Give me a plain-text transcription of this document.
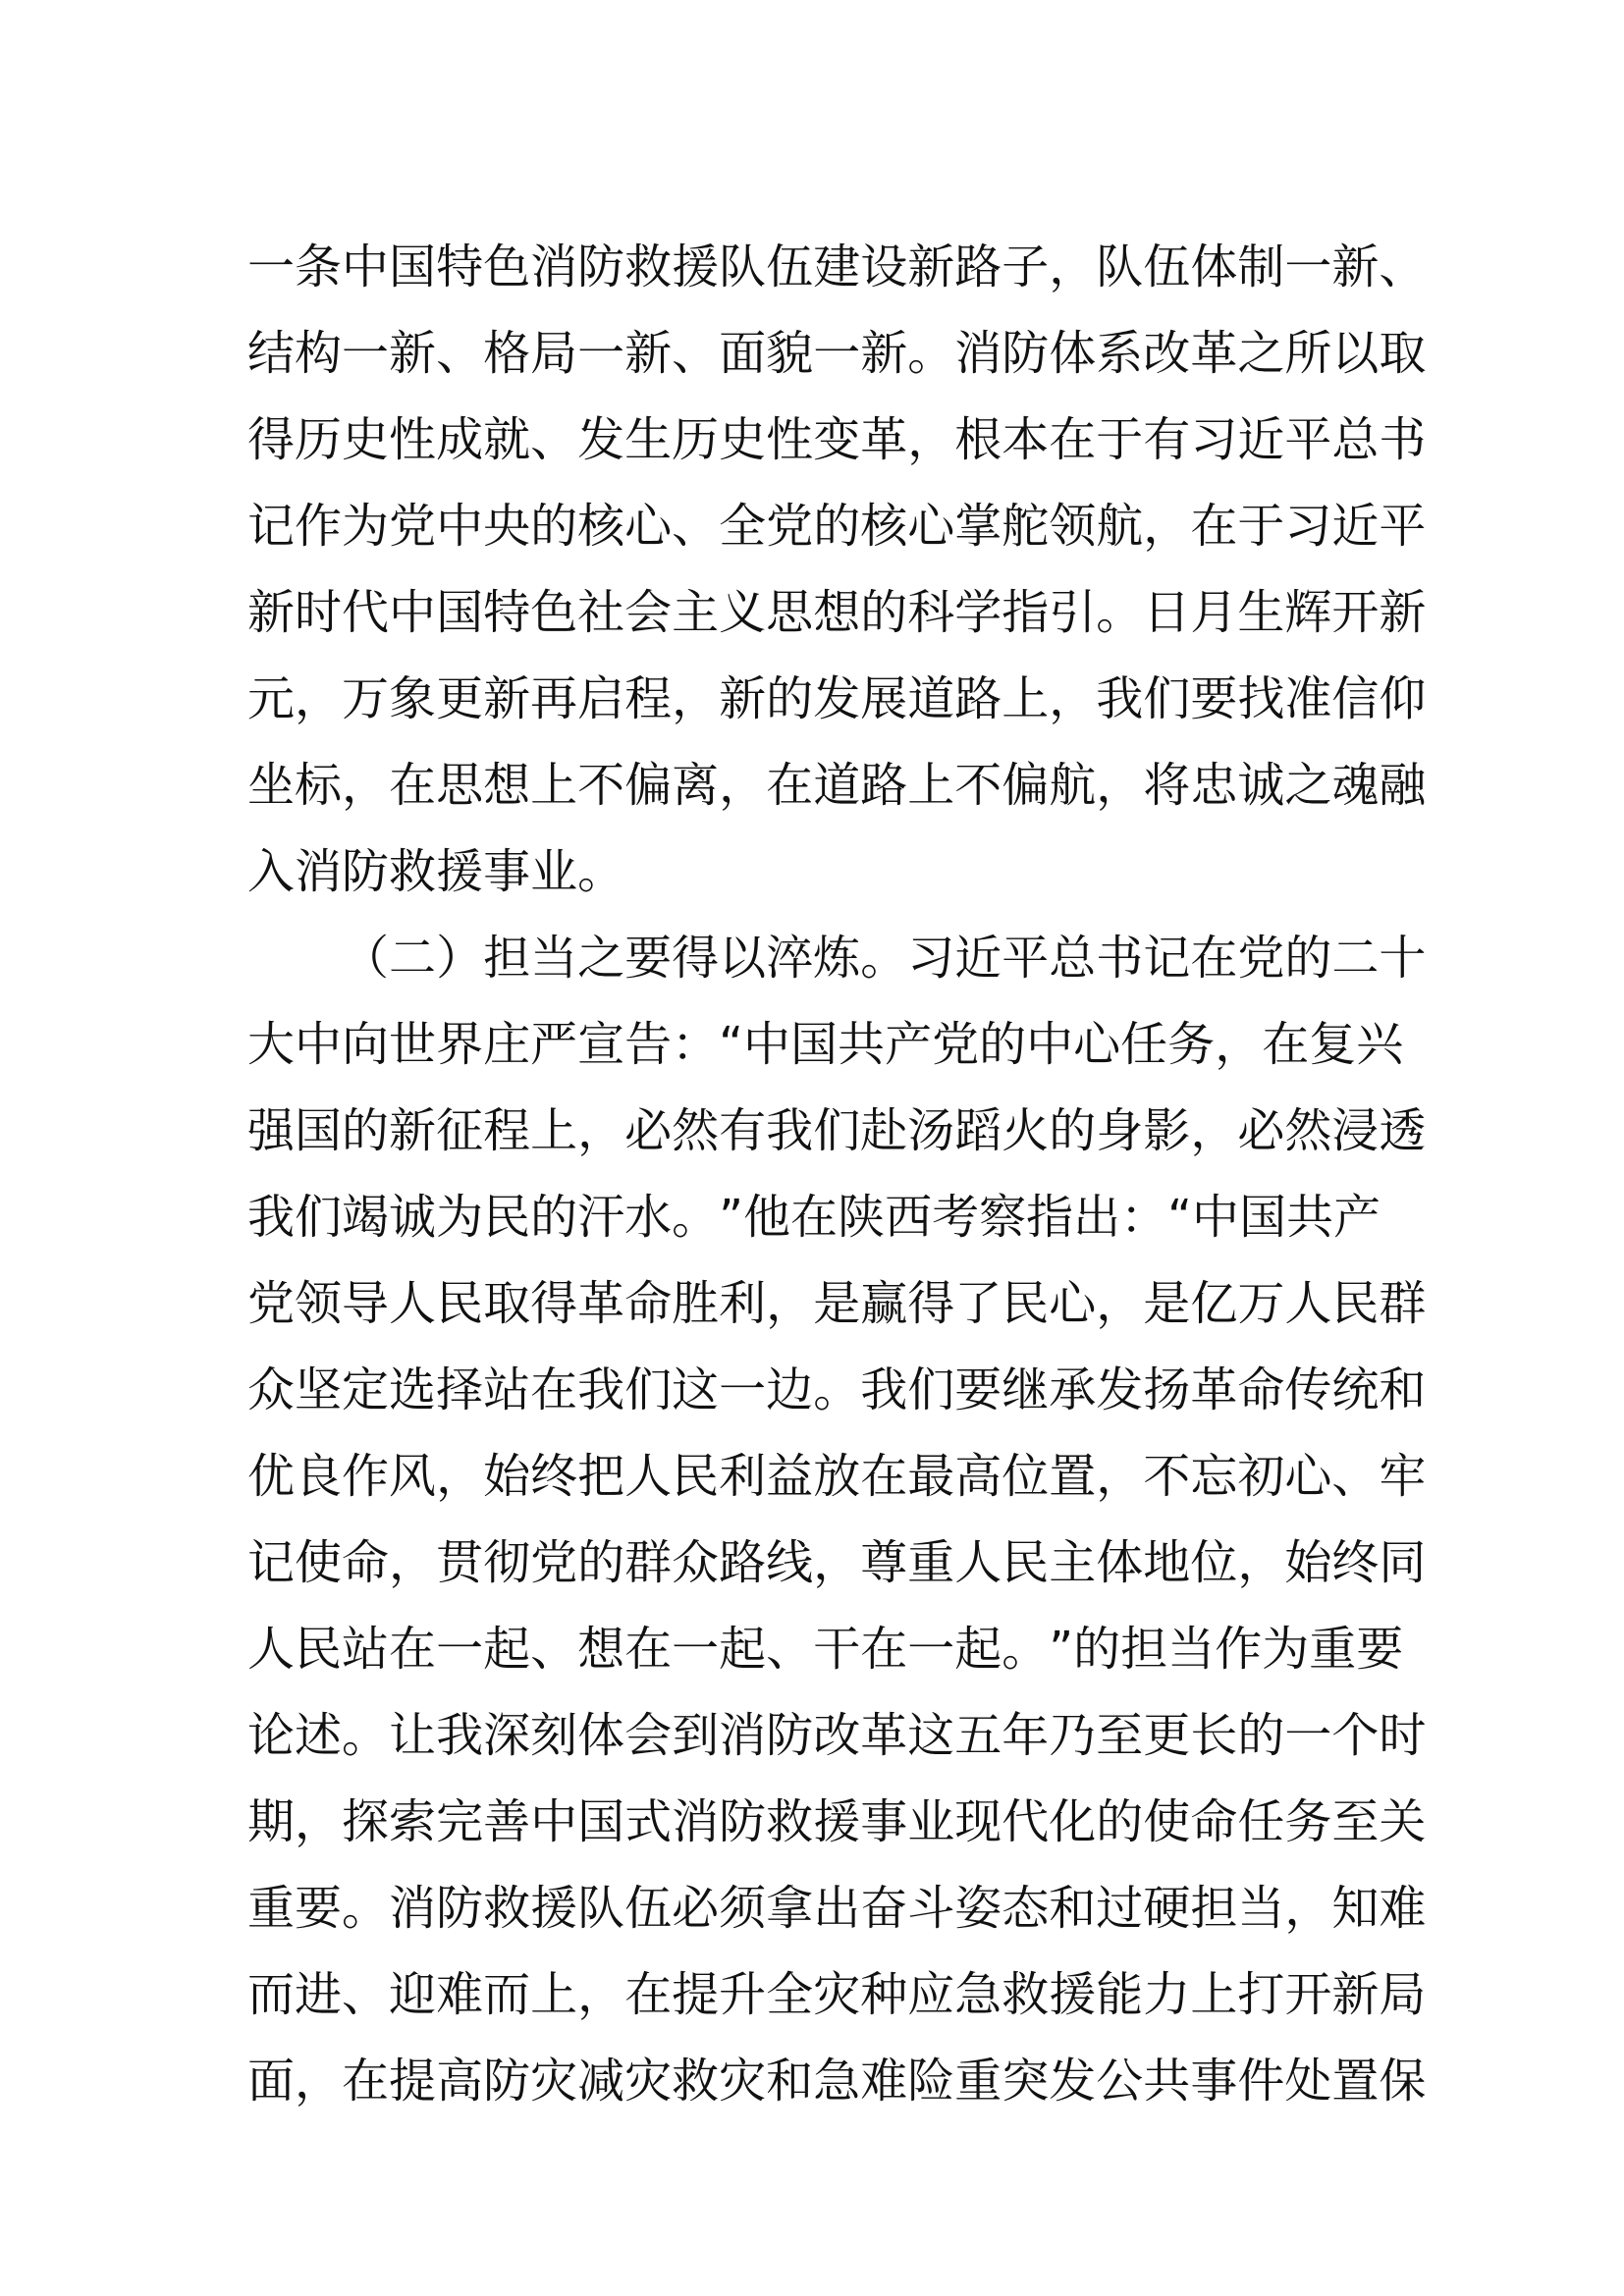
一 条 中 国 特 色 消 防 救 援 队 伍 建 设 新 路 子 ， 队 伍 体 制 一 新 、
结 构 一 新 、 格 局 一 新 、 面 貌 一 新 。 消 防 体 系 改 革 之 所 以 取
得 历 史 性 成 就 、 发 生 历 史 性 变 革 ， 根 本 在 于 有 习 近 平 总 书
记 作 为 党 中 央 的 核 心 、 全 党 的 核 心 掌 舵 领 航 ， 在 于 习 近 平
新 时 代 中 国 特 色 社 会 主 义 思 想 的 科 学 指 引 。 日 月 生 辉 开 新
元 ， 万 象 更 新 再 启 程 ， 新 的 发 展 道 路 上 ， 我 们 要 找 准 信 仰
坐 标 ， 在 思 想 上 不 偏 离 ， 在 道 路 上 不 偏 航 ， 将 忠 诚 之 魂 融
入 消 防 救 援 事 业 。

（ 二 ） 担 当 之 要 得 以 淬 炼 。 习 近 平 总 书 记 在 党 的 二 十
大 中 向 世 界 庄 严 宣 告 ： “ 中 国 共 产 党 的 中 心 任 务 ， 在 复 兴
强 国 的 新 征 程 上 ， 必 然 有 我 们 赴 汤 蹈 火 的 身 影 ， 必 然 浸 透
我 们 竭 诚 为 民 的 汗 水 。 ” 他 在 陕 西 考 察 指 出 ： “ 中 国 共 产
党 领 导 人 民 取 得 革 命 胜 利 ， 是 赢 得 了 民 心 ， 是 亿 万 人 民 群
众 坚 定 选 择 站 在 我 们 这 一 边 。 我 们 要 继 承 发 扬 革 命 传 统 和
优 良 作 风 ， 始 终 把 人 民 利 益 放 在 最 高 位 置 ， 不 忘 初 心 、 牢
记 使 命 ， 贯 彻 党 的 群 众 路 线 ， 尊 重 人 民 主 体 地 位 ， 始 终 同
人 民 站 在 一 起 、 想 在 一 起 、 干 在 一 起 。 ” 的 担 当 作 为 重 要
论 述 。 让 我 深 刻 体 会 到 消 防 改 革 这 五 年 乃 至 更 长 的 一 个 时
期 ， 探 索 完 善 中 国 式 消 防 救 援 事 业 现 代 化 的 使 命 任 务 至 关
重 要 。 消 防 救 援 队 伍 必 须 拿 出 奋 斗 姿 态 和 过 硬 担 当 ， 知 难
而 进 、 迎 难 而 上 ， 在 提 升 全 灾 种 应 急 救 援 能 力 上 打 开 新 局
面 ， 在 提 高 防 灾 减 灾 救 灾 和 急 难 险 重 突 发 公 共 事 件 处 置 保
